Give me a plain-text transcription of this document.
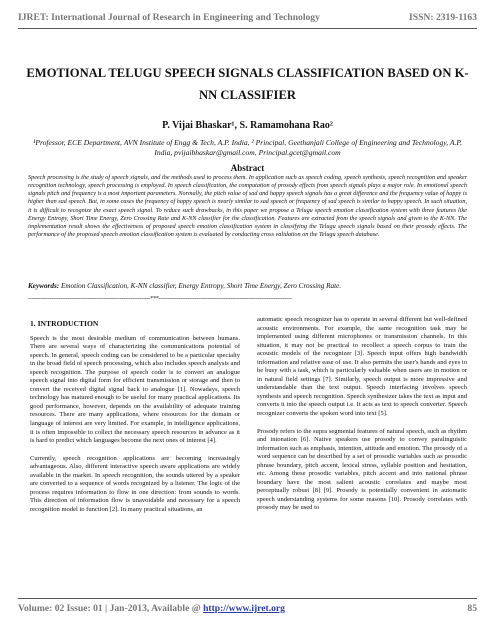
IJRET: International Journal of Research in Engineering and Technology	ISSN: 2319-1163
EMOTIONAL TELUGU SPEECH SIGNALS CLASSIFICATION BASED ON K-NN CLASSIFIER
P. Vijai Bhaskar¹, S. Ramamohana Rao²
¹Professor, ECE Department, AVN Institute of Engg & Tech, A.P. India, ² Principal, Geethanjali College of Engineering and Technology, A.P, India, pvijaibhaskar@gmail.com, Principal.gcet@gmail.com
Abstract
Speech processing is the study of speech signals, and the methods used to process them. In application such as speech coding, speech synthesis, speech recognition and speaker recognition technology, speech processing is employed. In speech classification, the computation of prosody effects from speech signals plays a major role. In emotional speech signals pitch and frequency is a most important parameters. Normally, the pitch value of sad and happy speech signals has a great difference and the frequency value of happy is higher than sad speech. But, in some cases the frequency of happy speech is nearly similar to sad speech or frequency of sad speech is similar to happy speech. In such situation, it is difficult to recognize the exact speech signal. To reduce such drawbacks, in this paper we propose a Telugu speech emotion classification system with three features like Energy Entropy, Short Time Energy, Zero Crossing Rate and K-NN classifier for the classification. Features are extracted from the speech signals and given to the K-NN. The implementation result shows the effectiveness of proposed speech emotion classification system in classifying the Telugu speech signals based on their prosody effects. The performance of the proposed speech emotion classification system is evaluated by conducting cross validation on the Telugu speech database.
Keywords: Emotion Classification, K-NN classifier, Energy Entropy, Short Time Energy, Zero Crossing Rate.
--------------------------------------------------------------------***--------------------------------------------------------------------------
1. INTRODUCTION

Speech is the most desirable medium of communication between humans. There are several ways of characterizing the communications potential of speech. In general, speech coding can be considered to be a particular specialty in the broad field of speech processing, which also includes speech analysis and speech recognition. The purpose of speech coder is to convert an analogue speech signal into digital form for efficient transmission or storage and then to convert the received digital signal back to analogue [1]. Nowadays, speech technology has matured enough to be useful for many practical applications. Its good performance, however, depends on the availability of adequate training resources. There are many applications, where resources for the domain or language of interest are very limited. For example, in intelligence applications, it is often impossible to collect the necessary speech resources in advance as it is hard to predict which languages become the next ones of interest [4].

Currently, speech recognition applications are becoming increasingly advantageous. Also, different interactive speech aware applications are widely available in the market. In speech recognition, the sounds uttered by a speaker are converted to a sequence of words recognized by a listener. The logic of the process requires information to flow in one direction: from sounds to words. This direction of information flow is unavoidable and necessary for a speech recognition model to function [2]. In many practical situations, an

automatic speech recognizer has to operate in several different but well-defined acoustic environments. For example, the same recognition task may be implemented using different microphones or transmission channels. In this situation, it may not be practical to recollect a speech corpus to train the acoustic models of the recognizer [3]. Speech input offers high bandwidth information and relative ease of use. It also permits the user's hands and eyes to be busy with a task, which is particularly valuable when users are in motion or in natural field settings [7]. Similarly, speech output is more impressive and understandable than the text output. Speech interfacing involves speech synthesis and speech recognition. Speech synthesizer takes the text as input and converts it into the speech output i.e. It acts as text to speech converter. Speech recognizer converts the spoken word into text [5].

Prosody refers to the supra segmental features of natural speech, such as rhythm and intonation [6]. Native speakers use prosody to convey paralinguistic information such as emphasis, intention, attitude and emotion. The prosody of a word sequence can be described by a set of prosodic variables such as prosodic phrase boundary, pitch accent, lexical stress, syllable position and hesitation, etc. Among these prosodic variables, pitch accent and into national phrase boundary have the most salient acoustic correlates and maybe most perceptually robust [8] [9]. Prosody is potentially convenient in automatic speech understanding systems for some reasons [10]. Prosody correlates with prosody may be used to

Volume: 02 Issue: 01 | Jan-2013, Available @ http://www.ijret.org	85
